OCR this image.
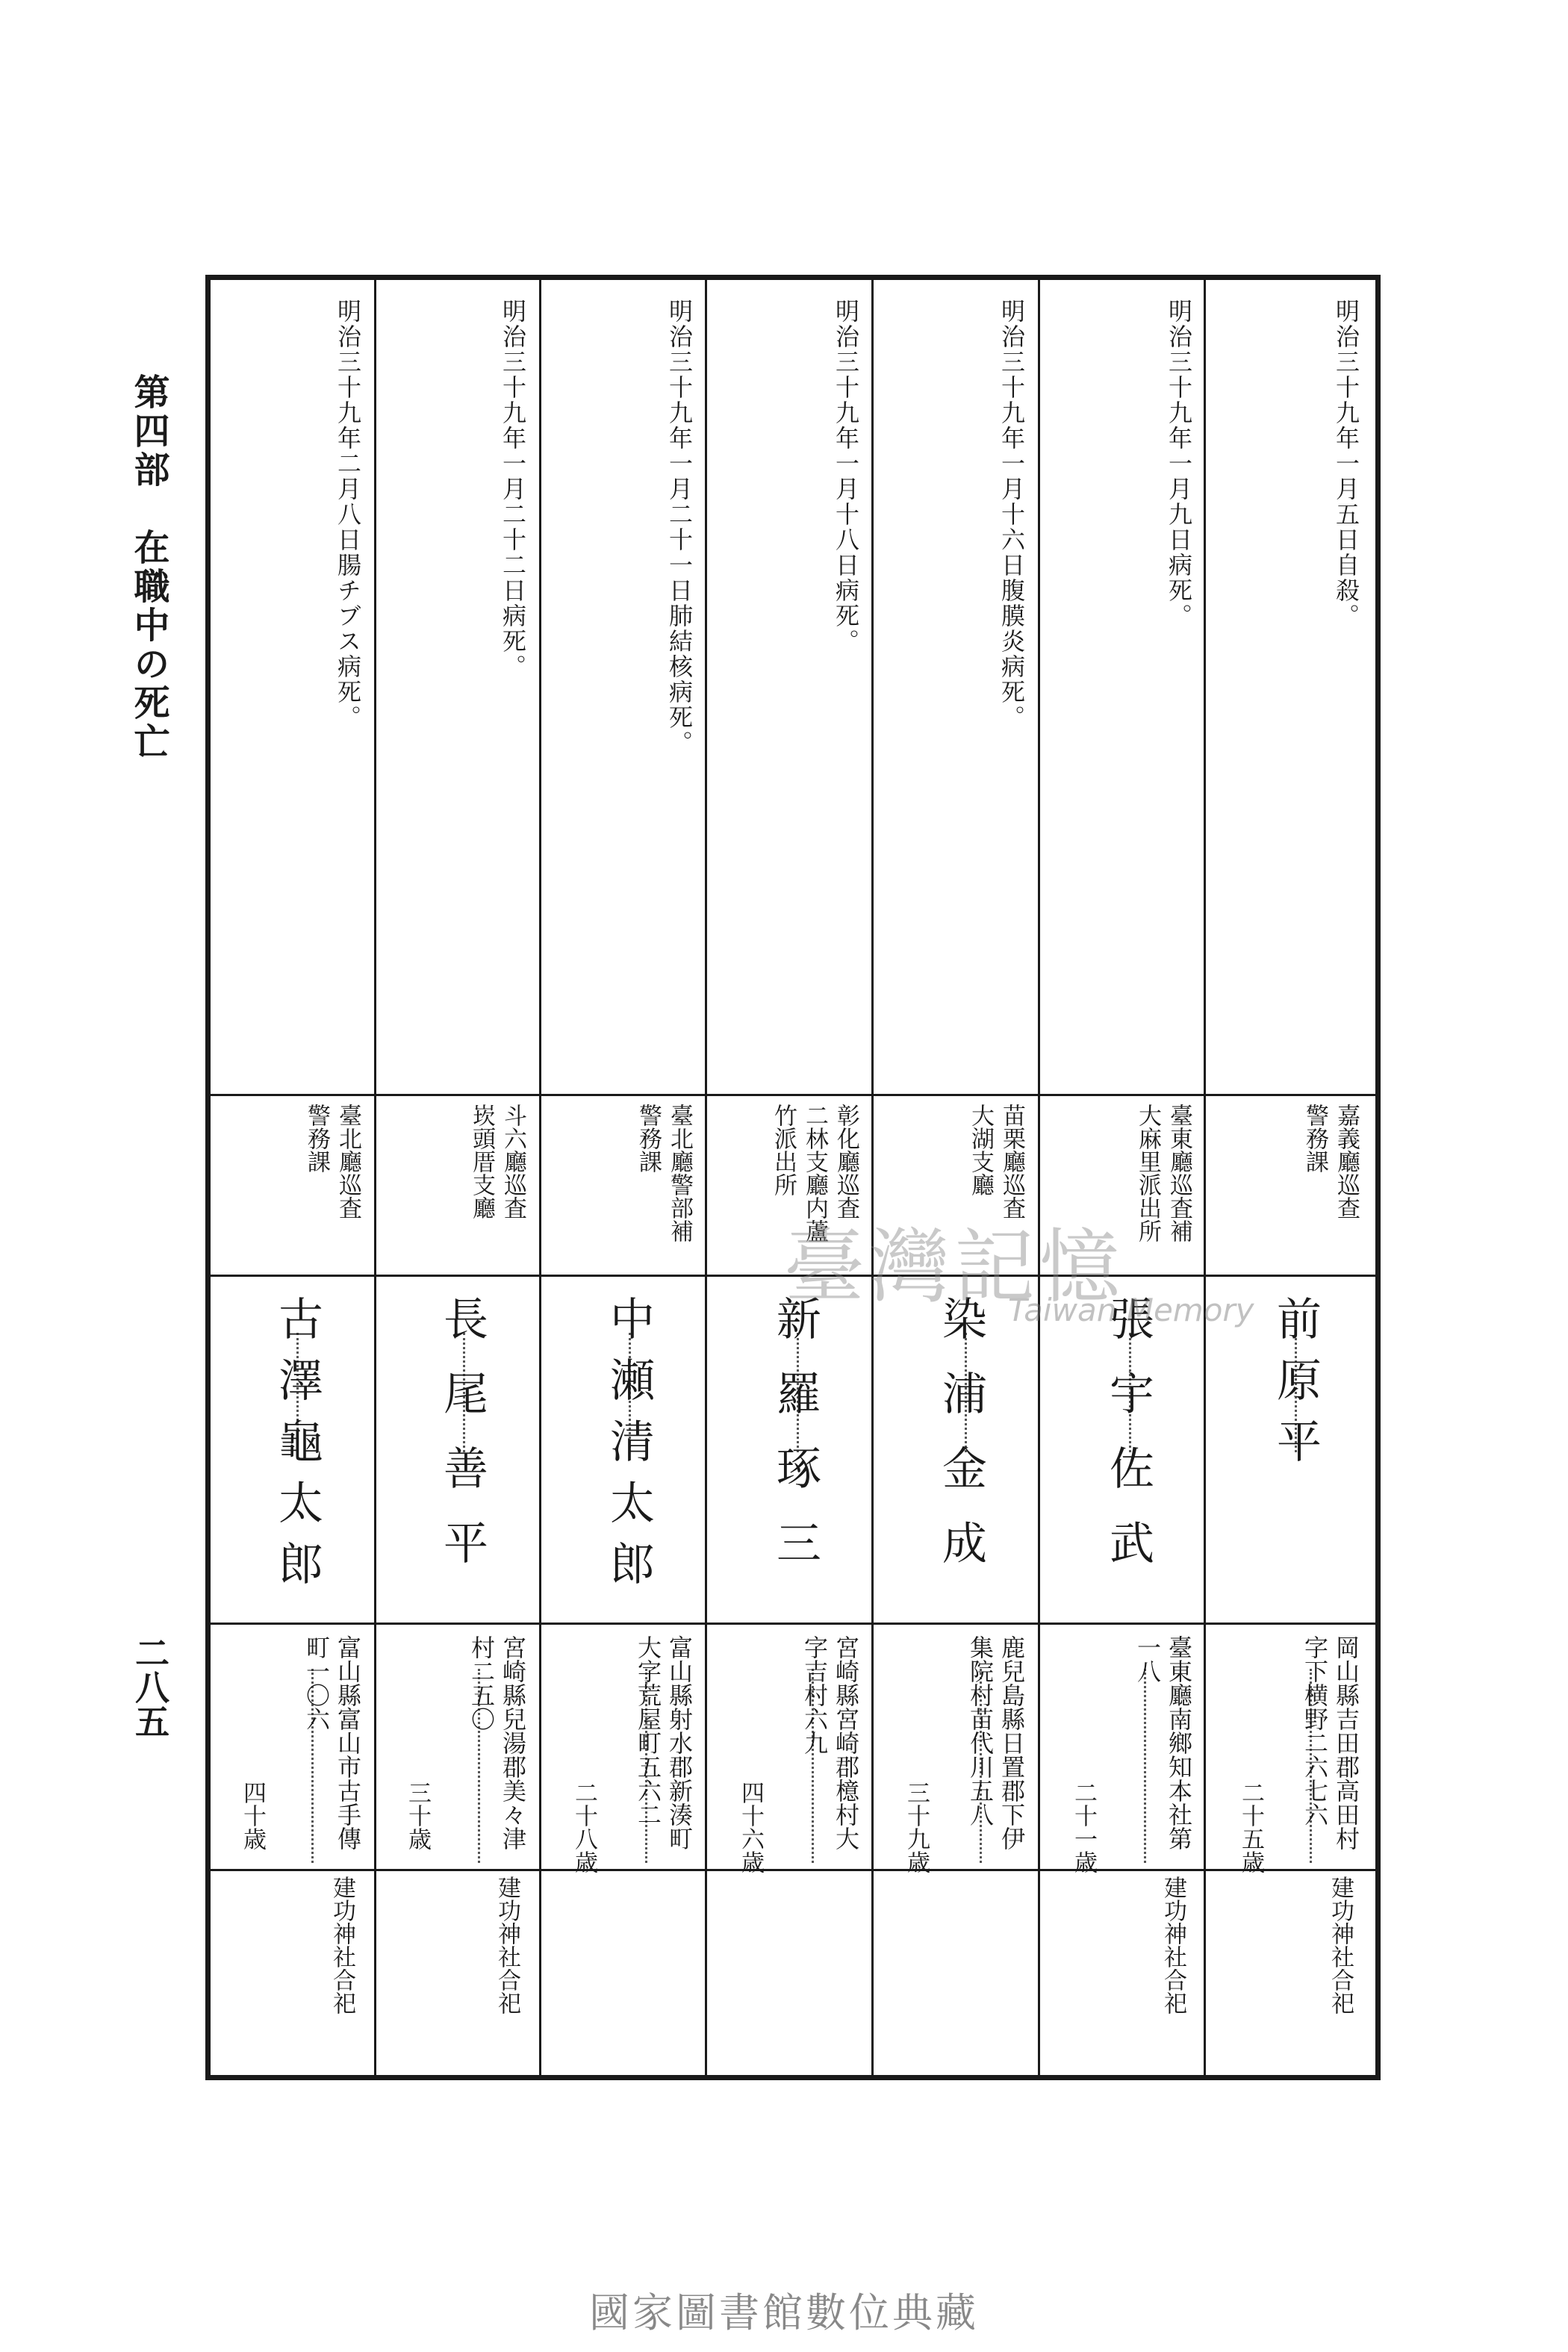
第四部　在職中の死亡
二八五
明治三十九年一月五日自殺。
嘉義廳巡查
警務課
前原平
岡山縣吉田郡高田村
字下横野二六七六
二十五歳
建功神社合祀
明治三十九年一月九日病死。
臺東廳巡査補
大麻里派出所
張宇佐武
臺東廳南鄉知本社第
一八
二十一歳
建功神社合祀
明治三十九年一月十六日腹膜炎病死。
苗栗廳巡査
大湖支廳
染浦金成
鹿兒島縣日置郡下伊
集院村苗代川五八
三十九歳
明治三十九年一月十八日病死。
彰化廳巡査
二林支廳内蘆
竹派出所
新羅琢三
宮崎縣宮崎郡檍村大
字吉村六九
四十六歳
明治三十九年一月二十一日肺結核病死。
臺北廳警部補
警務課
中瀬清太郎
富山縣射水郡新湊町
大字荒屋町五六二
二十八歳
明治三十九年一月二十二日病死。
斗六廳巡査
崁頭厝支廳
長尾善平
宮崎縣兒湯郡美々津
村二五〇
三十歳
建功神社合祀
明治三十九年二月八日腸チブス病死。
臺北廳巡査
警務課
古澤龜太郎
富山縣富山市古手傳
町一〇六
四十歳
建功神社合祀
臺灣記憶
Taiwan Memory
國家圖書館數位典藏
